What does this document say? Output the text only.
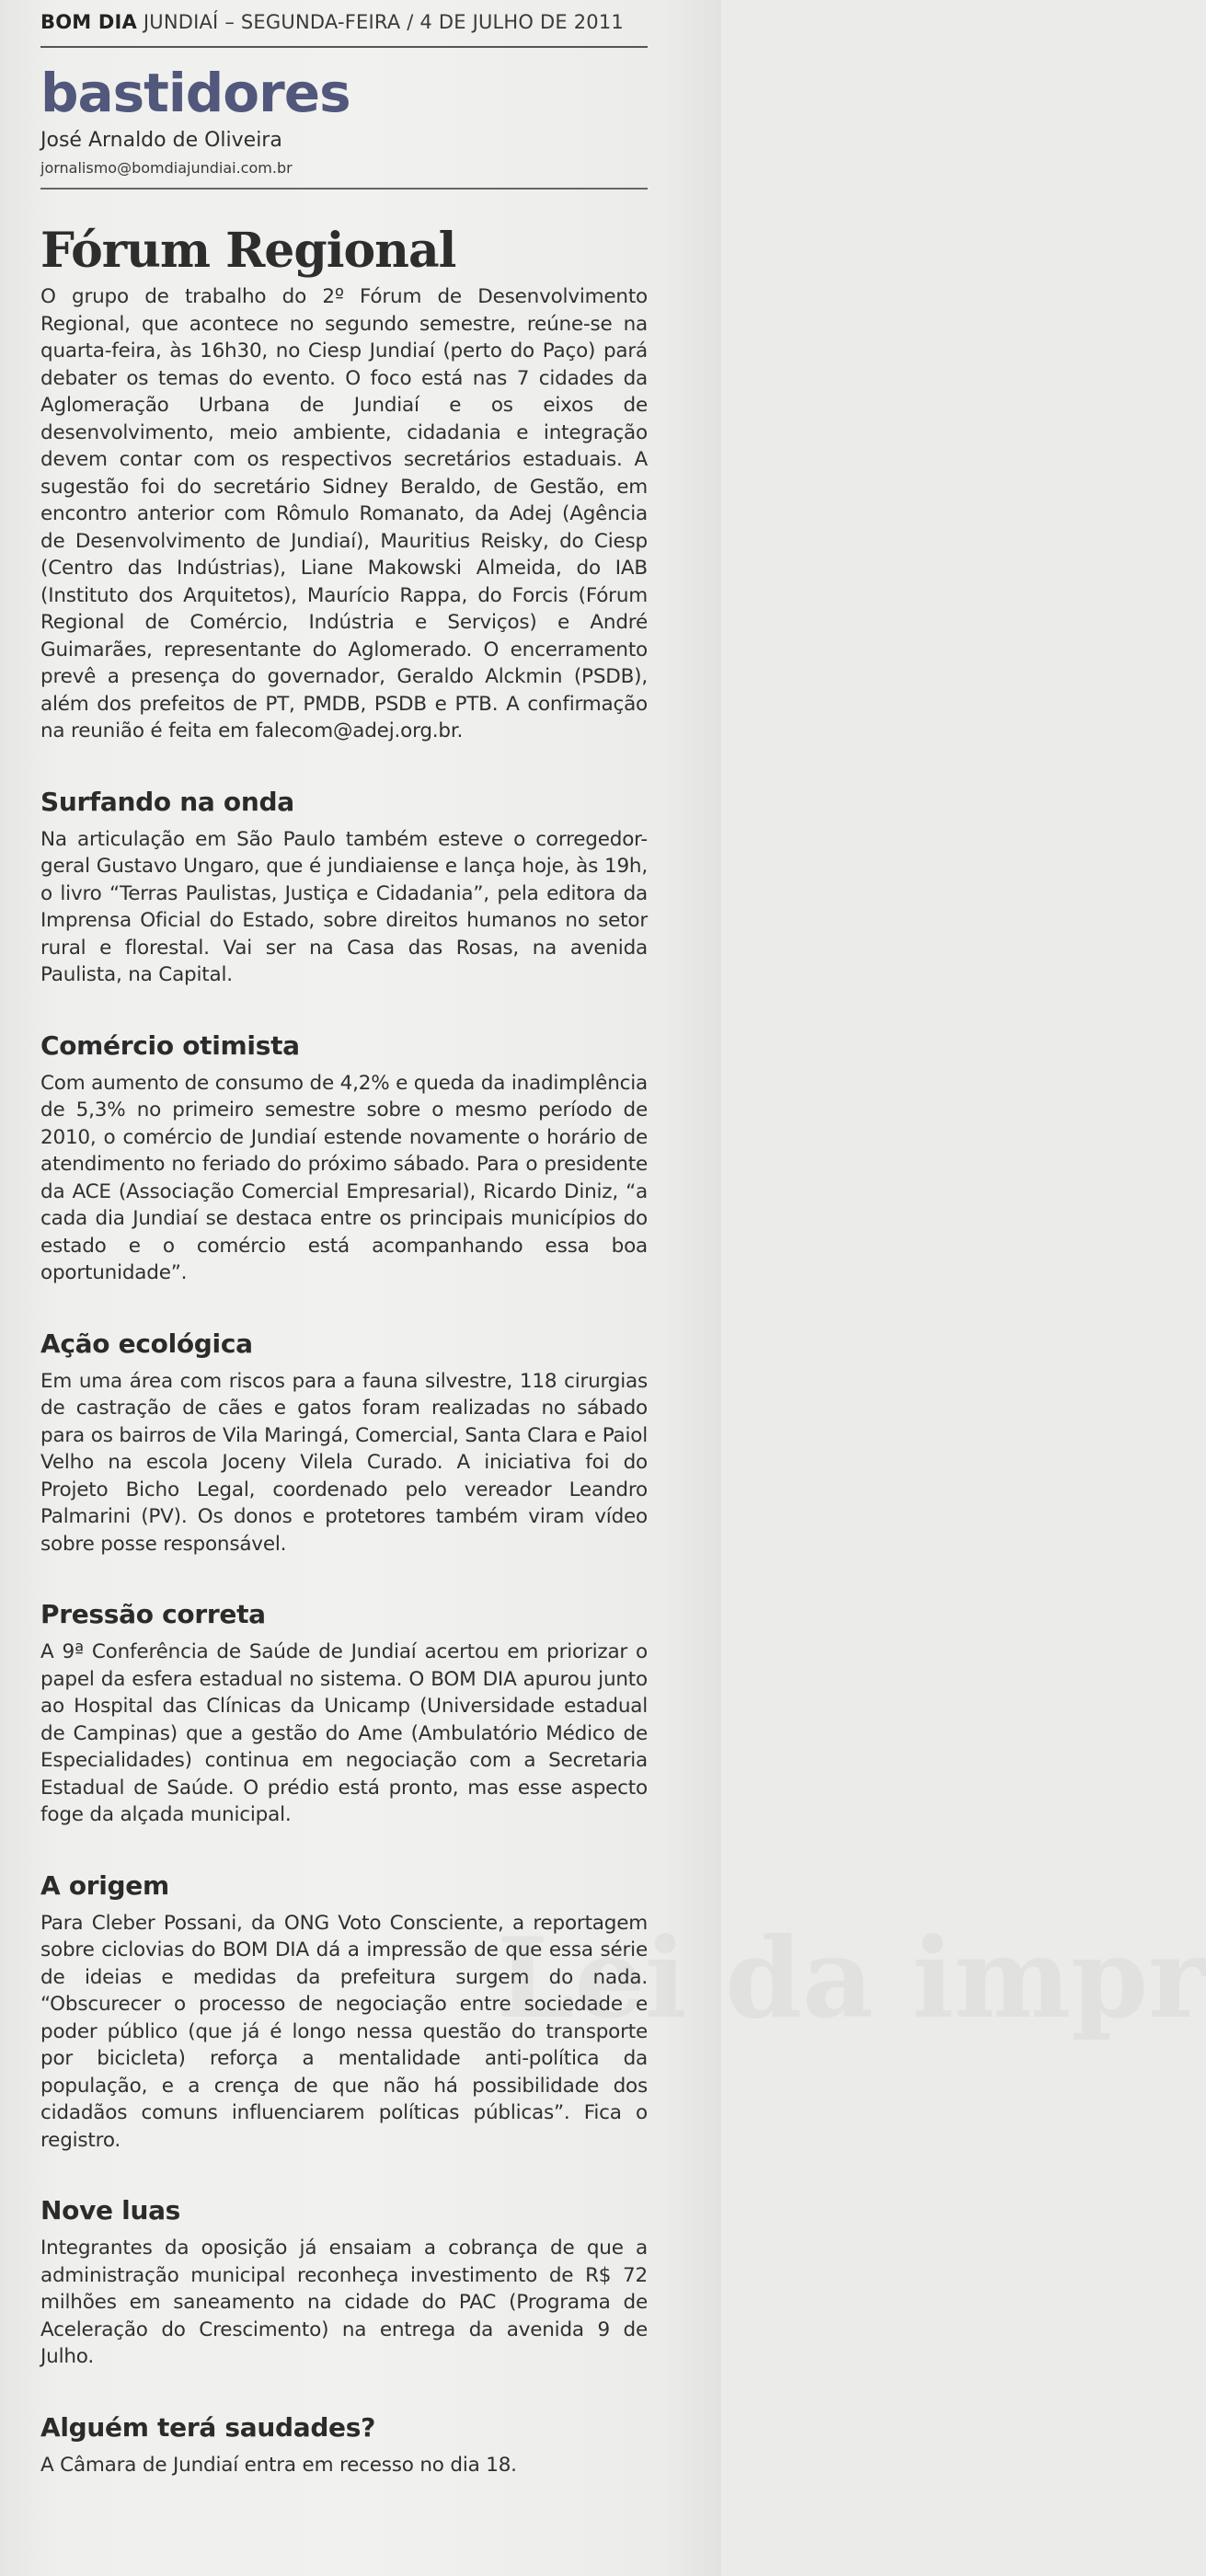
Lei da impr
BOM DIA JUNDIAÍ – SEGUNDA-FEIRA / 4 DE JULHO DE 2011
bastidores
José Arnaldo de Oliveira
jornalismo@bomdiajundiai.com.br
Fórum Regional

O grupo de trabalho do 2º Fórum de Desenvolvimento Regional, que acontece no segundo semestre, reúne-se na quarta-feira, às 16h30, no Ciesp Jundiaí (perto do Paço) pará debater os temas do evento. O foco está nas 7 cidades da Aglomeração Urbana de Jundiaí e os eixos de desenvolvimento, meio ambiente, cidadania e integração devem contar com os respectivos secretários estaduais. A sugestão foi do secretário Sidney Beraldo, de Gestão, em encontro anterior com Rômulo Romanato, da Adej (Agência de Desenvolvimento de Jundiaí), Mauritius Reisky, do Ciesp (Centro das Indústrias), Liane Makowski Almeida, do IAB (Instituto dos Arquitetos), Maurício Rappa, do Forcis (Fórum Regional de Comércio, Indústria e Serviços) e André Guimarães, representante do Aglomerado. O encerramento prevê a presença do governador, Geraldo Alckmin (PSDB), além dos prefeitos de PT, PMDB, PSDB e PTB. A confirmação na reunião é feita em falecom@adej.org.br.

Surfando na onda

Na articulação em São Paulo também esteve o corregedor-geral Gustavo Ungaro, que é jundiaiense e lança hoje, às 19h, o livro “Terras Paulistas, Justiça e Cidadania”, pela editora da Imprensa Oficial do Estado, sobre direitos humanos no setor rural e florestal. Vai ser na Casa das Rosas, na avenida Paulista, na Capital.

Comércio otimista

Com aumento de consumo de 4,2% e queda da inadimplência de 5,3% no primeiro semestre sobre o mesmo período de 2010, o comércio de Jundiaí estende novamente o horário de atendimento no feriado do próximo sábado. Para o presidente da ACE (Associação Comercial Empresarial), Ricardo Diniz, “a cada dia Jundiaí se destaca entre os principais municípios do estado e o comércio está acompanhando essa boa oportunidade”.

Ação ecológica

Em uma área com riscos para a fauna silvestre, 118 cirurgias de castração de cães e gatos foram realizadas no sábado para os bairros de Vila Maringá, Comercial, Santa Clara e Paiol Velho na escola Joceny Vilela Curado. A iniciativa foi do Projeto Bicho Legal, coordenado pelo vereador Leandro Palmarini (PV). Os donos e protetores também viram vídeo sobre posse responsável.

Pressão correta

A 9ª Conferência de Saúde de Jundiaí acertou em priorizar o papel da esfera estadual no sistema. O BOM DIA apurou junto ao Hospital das Clínicas da Unicamp (Universidade estadual de Campinas) que a gestão do Ame (Ambulatório Médico de Especialidades) continua em negociação com a Secretaria Estadual de Saúde. O prédio está pronto, mas esse aspecto foge da alçada municipal.

A origem

Para Cleber Possani, da ONG Voto Consciente, a reportagem sobre ciclovias do BOM DIA dá a impressão de que essa série de ideias e medidas da prefeitura surgem do nada. “Obscurecer o processo de negociação entre sociedade e poder público (que já é longo nessa questão do transporte por bicicleta) reforça a mentalidade anti-política da população, e a crença de que não há possibilidade dos cidadãos comuns influenciarem políticas públicas”. Fica o registro.

Nove luas

Integrantes da oposição já ensaiam a cobrança de que a administração municipal reconheça investimento de R$ 72 milhões em saneamento na cidade do PAC (Programa de Aceleração do Crescimento) na entrega da avenida 9 de Julho.

Alguém terá saudades?

A Câmara de Jundiaí entra em recesso no dia 18.
